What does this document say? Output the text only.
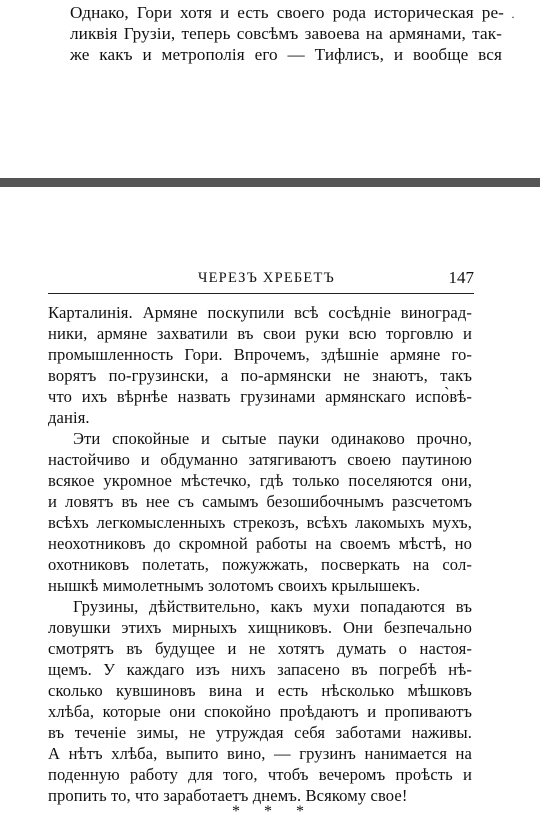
Однако, Гори хотя и есть своего рода историческая ре- ·
ликвія Грузіи, теперь совсѣмъ завоева на армянами, так-
же какъ и метрополія его — Тифлисъ, и вообще вся
ЧЕРЕЗЪ ХРЕБЕТЪ	147
Карталинія. Армяне поскупили всѣ сосѣдніе виноград-
ники, армяне захватили въ свои руки всю торговлю и
промышленность Гори. Впрочемъ, здѣшніе армяне го-
ворятъ по-грузински, а по-армянски не знаютъ, такъ
что ихъ вѣрнѣе назвать грузинами армянскаго испо̀вѣ-
данія.
Эти спокойные и сытые пауки одинаково прочно,
настойчиво и обдуманно затягиваютъ своею паутиною
всякое укромное мѣстечко, гдѣ только поселяются они,
и ловятъ въ нее съ самымъ безошибочнымъ разсчетомъ
всѣхъ легкомысленныхъ стрекозъ, всѣхъ лакомыхъ мухъ,
неохотниковъ до скромной работы на своемъ мѣстѣ, но
охотниковъ полетать, пожужжать, посверкать на сол-
нышкѣ мимолетнымъ золотомъ своихъ крылышекъ.
Грузины, дѣйствительно, какъ мухи попадаются въ
ловушки этихъ мирныхъ хищниковъ. Они безпечально
смотрятъ въ будущее и не хотятъ думать о настоя-
щемъ. У каждаго изъ нихъ запасено въ погребѣ нѣ-
сколько кувшиновъ вина и есть нѣсколько мѣшковъ
хлѣба, которые они спокойно проѣдаютъ и пропиваютъ
въ теченіе зимы, не утруждая себя заботами наживы.
А нѣтъ хлѣба, выпито вино, — грузинъ нанимается на
поденную работу для того, чтобъ вечеромъ проѣсть и
пропить то, что заработаетъ днемъ. Всякому свое!
* * *
